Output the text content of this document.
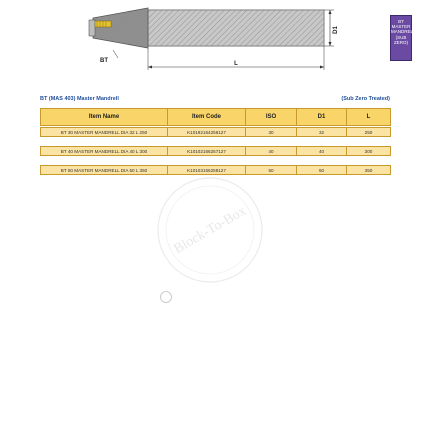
D1
L
BT
BT
MASTER
MANDRELL
(SUB ZERO)
BT (MAS 403) Master Mandrell	(Sub Zero Treated)
Item Name	Item Code	ISO	D1	L
BT 30 MASTER MANDRELL DIA 32 L 250	K10192164256127	30	32	250
BT 40 MASTER MANDRELL DIA 40 L 300	K10102166257127	40	40	300
BT 50 MASTER MANDRELL DIA 50 L 350	K10103166258127	50	50	350
Block-To-Box
